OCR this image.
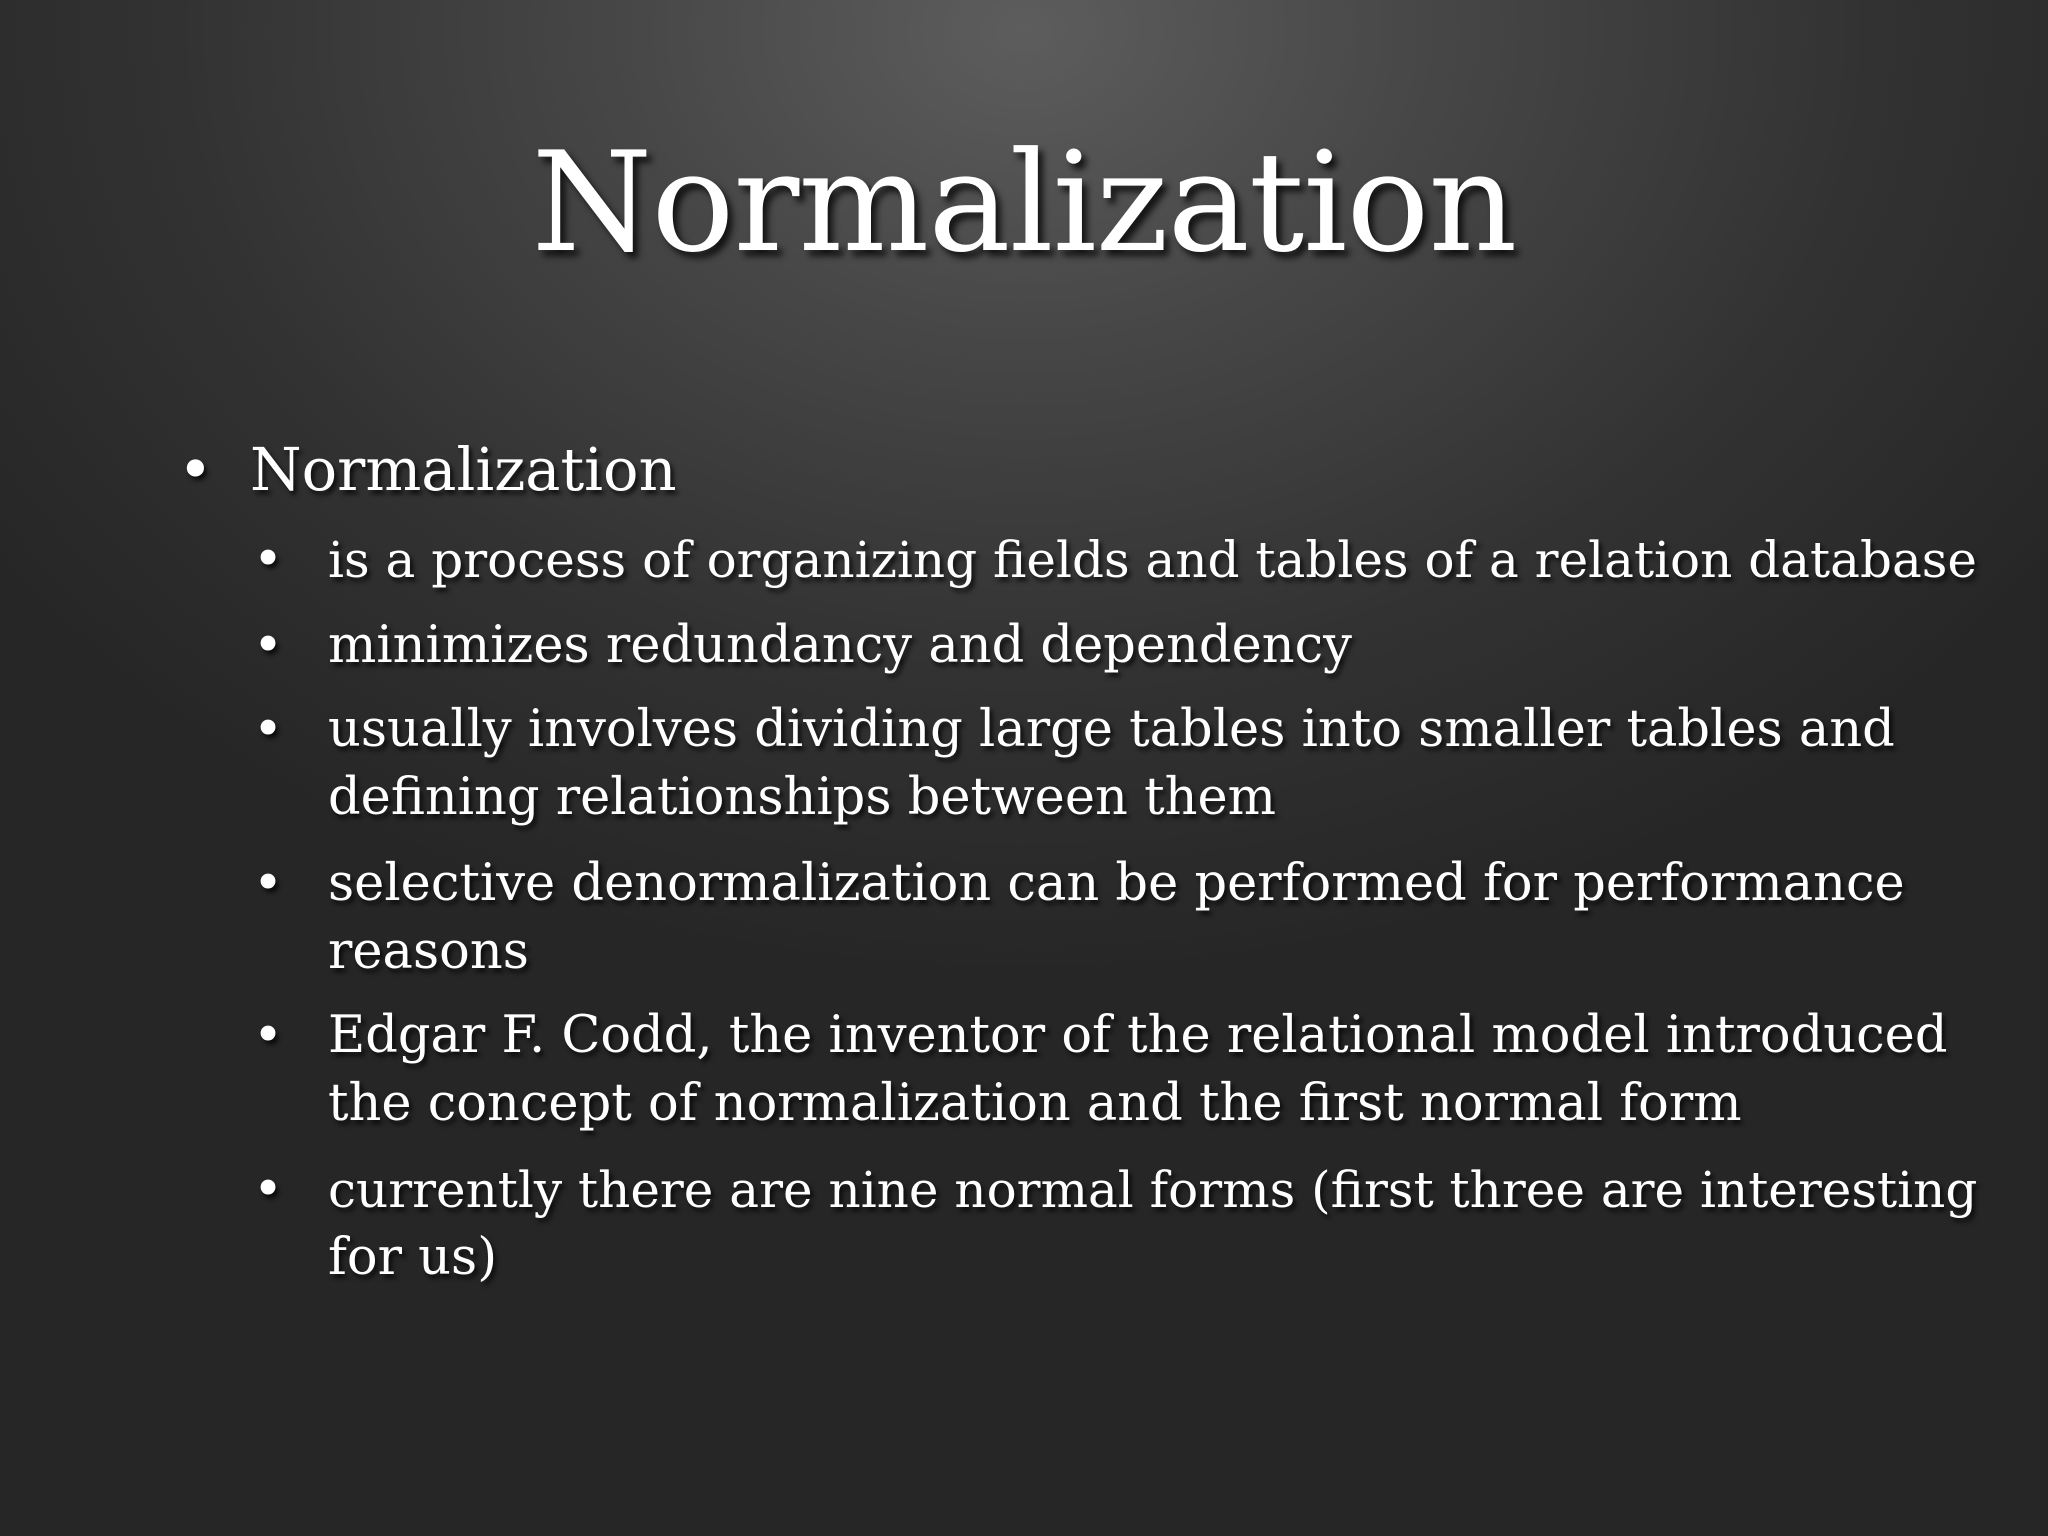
Normalization
• Normalization
• is a process of organizing fields and tables of a relation database
• minimizes redundancy and dependency
• usually involves dividing large tables into smaller tables and
defining relationships between them
• selective denormalization can be performed for performance
reasons
• Edgar F. Codd, the inventor of the relational model introduced
the concept of normalization and the first normal form
• currently there are nine normal forms (first three are interesting
for us)
